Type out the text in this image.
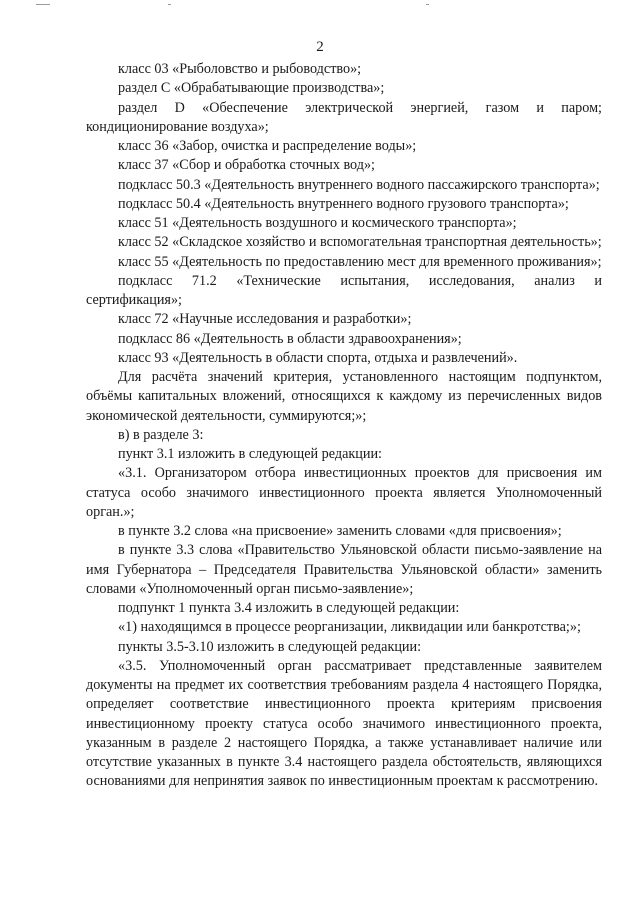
2

класс 03 «Рыболовство и рыбоводство»;

раздел С «Обрабатывающие производства»;

раздел D «Обеспечение электрической энергией, газом и паром; кондиционирование воздуха»;

класс 36 «Забор, очистка и распределение воды»;

класс 37 «Сбор и обработка сточных вод»;

подкласс 50.3 «Деятельность внутреннего водного пассажирского транспорта»;

подкласс 50.4 «Деятельность внутреннего водного грузового транспорта»;

класс 51 «Деятельность воздушного и космического транспорта»;

класс 52 «Складское хозяйство и вспомогательная транспортная деятельность»;

класс 55 «Деятельность по предоставлению мест для временного проживания»;

подкласс 71.2 «Технические испытания, исследования, анализ и сертификация»;

класс 72 «Научные исследования и разработки»;

подкласс 86 «Деятельность в области здравоохранения»;

класс 93 «Деятельность в области спорта, отдыха и развлечений».

Для расчёта значений критерия, установленного настоящим подпунктом, объёмы капитальных вложений, относящихся к каждому из перечисленных видов экономической деятельности, суммируются;»;

в) в разделе 3:

пункт 3.1 изложить в следующей редакции:

«3.1. Организатором отбора инвестиционных проектов для присвоения им статуса особо значимого инвестиционного проекта является Уполномоченный орган.»;

в пункте 3.2 слова «на присвоение» заменить словами «для присвоения»;

в пункте 3.3 слова «Правительство Ульяновской области письмо-заявление на имя Губернатора – Председателя Правительства Ульяновской области» заменить словами «Уполномоченный орган письмо-заявление»;

подпункт 1 пункта 3.4 изложить в следующей редакции:

«1) находящимся в процессе реорганизации, ликвидации или банкротства;»;

пункты 3.5-3.10 изложить в следующей редакции:

«3.5. Уполномоченный орган рассматривает представленные заявителем документы на предмет их соответствия требованиям раздела 4 настоящего Порядка, определяет соответствие инвестиционного проекта критериям присвоения инвестиционному проекту статуса особо значимого инвестиционного проекта, указанным в разделе 2 настоящего Порядка, а также устанавливает наличие или отсутствие указанных в пункте 3.4 настоящего раздела обстоятельств, являющихся основаниями для непринятия заявок по инвестиционным проектам к рассмотрению.
